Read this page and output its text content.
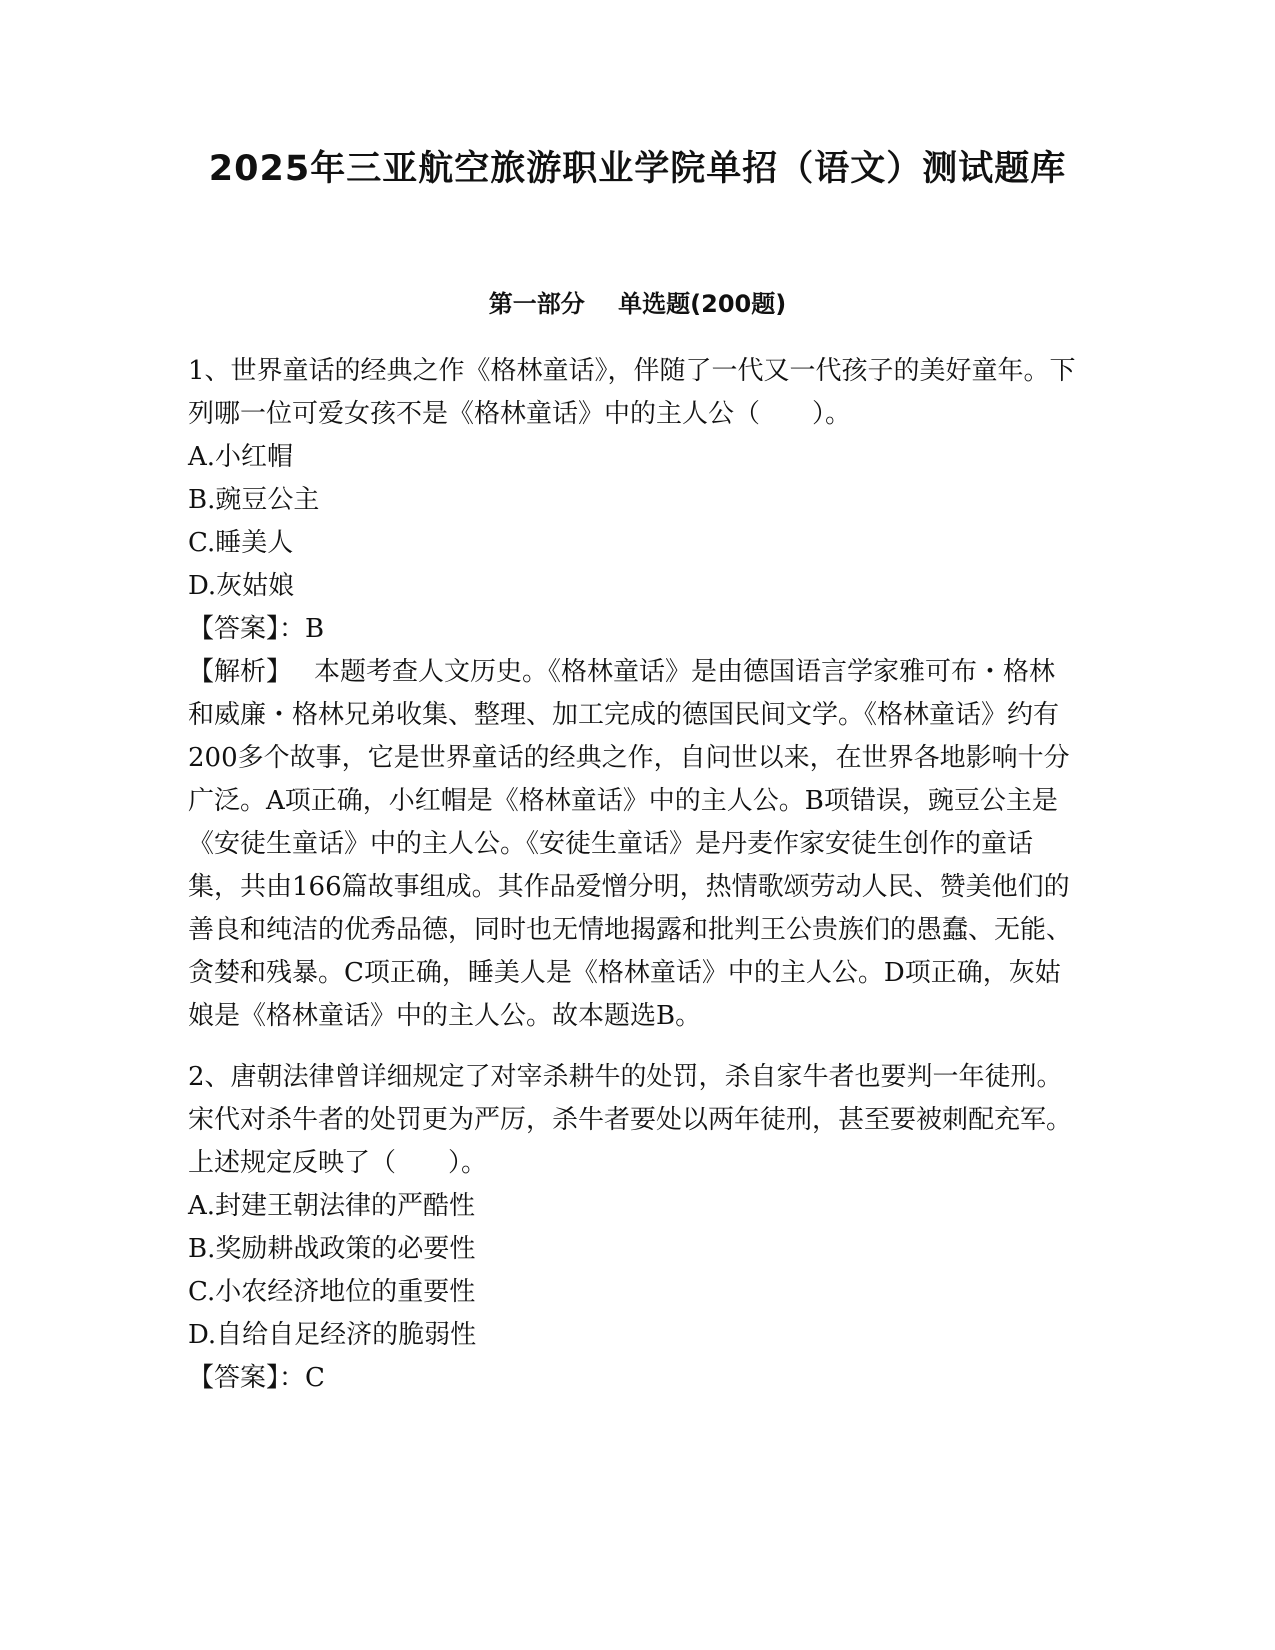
2025年三亚航空旅游职业学院单招（语文）测试题库
第一部分    单选题(200题)

1、世界童话的经典之作《格林童话》，伴随了一代又一代孩子的美好童年。下列哪一位可爱女孩不是《格林童话》中的主人公（　　）。

A.小红帽

B.豌豆公主

C.睡美人

D.灰姑娘

【答案】：B

【解析】 本题考查人文历史。《格林童话》是由德国语言学家雅可布・格林和威廉・格林兄弟收集、整理、加工完成的德国民间文学。《格林童话》约有200多个故事，它是世界童话的经典之作，自问世以来，在世界各地影响十分广泛。A项正确，小红帽是《格林童话》中的主人公。B项错误，豌豆公主是《安徒生童话》中的主人公。《安徒生童话》是丹麦作家安徒生创作的童话集，共由166篇故事组成。其作品爱憎分明，热情歌颂劳动人民、赞美他们的善良和纯洁的优秀品德，同时也无情地揭露和批判王公贵族们的愚蠢、无能、贪婪和残暴。C项正确，睡美人是《格林童话》中的主人公。D项正确，灰姑娘是《格林童话》中的主人公。故本题选B。

2、唐朝法律曾详细规定了对宰杀耕牛的处罚，杀自家牛者也要判一年徒刑。宋代对杀牛者的处罚更为严厉，杀牛者要处以两年徒刑，甚至要被刺配充军。上述规定反映了（　　）。

A.封建王朝法律的严酷性

B.奖励耕战政策的必要性

C.小农经济地位的重要性

D.自给自足经济的脆弱性

【答案】：C
